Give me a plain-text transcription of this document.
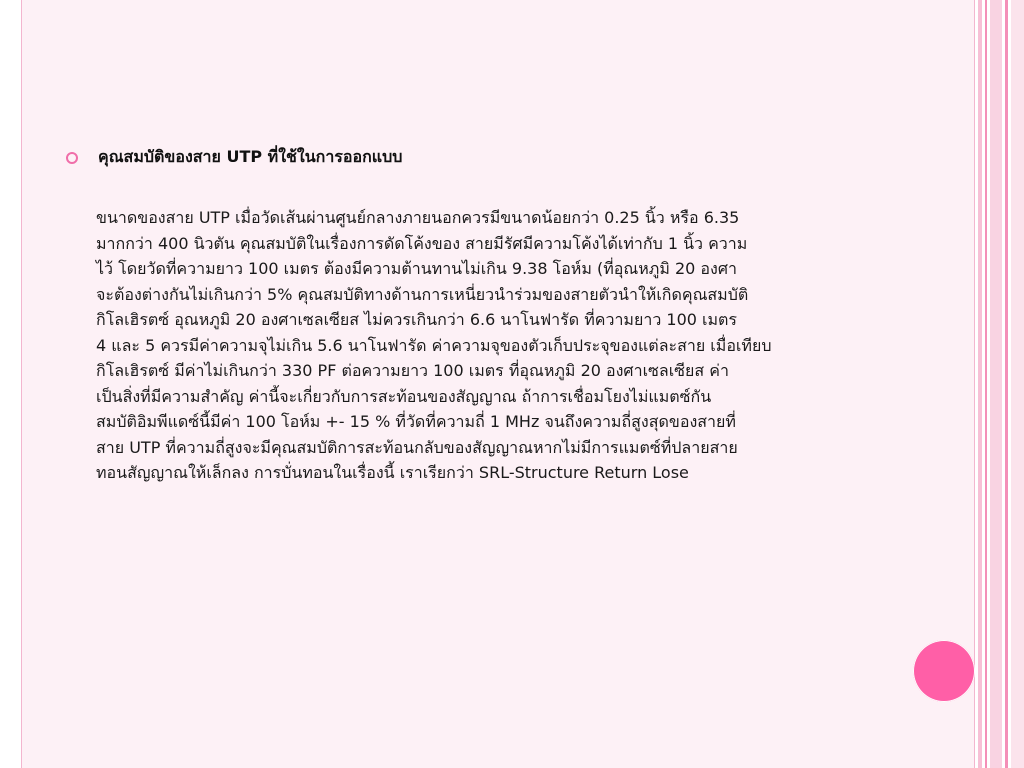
คุณสมบัติของสาย UTP ที่ใช้ในการออกแบบ
ขนาดของสาย UTP เมื่อวัดเส้นผ่านศูนย์กลางภายนอกควรมีขนาดน้อยกว่า 0.25 นิ้ว หรือ 6.35
มากกว่า 400 นิวตัน คุณสมบัติในเรื่องการดัดโค้งของ สายมีรัศมีความโค้งได้เท่ากับ 1 นิ้ว ความ
ไว้ โดยวัดที่ความยาว 100 เมตร ต้องมีความต้านทานไม่เกิน 9.38 โอห์ม (ที่อุณหภูมิ 20 องศา
จะต้องต่างกันไม่เกินกว่า 5% คุณสมบัติทางด้านการเหนี่ยวนำร่วมของสายตัวนำให้เกิดคุณสมบัติ
กิโลเฮิรตซ์ อุณหภูมิ 20 องศาเซลเซียส ไม่ควรเกินกว่า 6.6 นาโนฟารัด ที่ความยาว 100 เมตร
4 และ 5 ควรมีค่าความจุไม่เกิน 5.6 นาโนฟารัด ค่าความจุของตัวเก็บประจุของแต่ละสาย เมื่อเทียบ
กิโลเฮิรตซ์ มีค่าไม่เกินกว่า 330 PF ต่อความยาว 100 เมตร ที่อุณหภูมิ 20 องศาเซลเซียส ค่า
เป็นสิ่งที่มีความสำคัญ ค่านี้จะเกี่ยวกับการสะท้อนของสัญญาณ ถ้าการเชื่อมโยงไม่แมตซ์กัน
สมบัติอิมพีแดซ์นี้มีค่า 100 โอห์ม +- 15 % ที่วัดที่ความถี่ 1 MHz จนถึงความถี่สูงสุดของสายที่
สาย UTP ที่ความถี่สูงจะมีคุณสมบัติการสะท้อนกลับของสัญญาณหากไม่มีการแมตซ์ที่ปลายสาย
ทอนสัญญาณให้เล็กลง การบั่นทอนในเรื่องนี้ เราเรียกว่า SRL-Structure Return Lose
